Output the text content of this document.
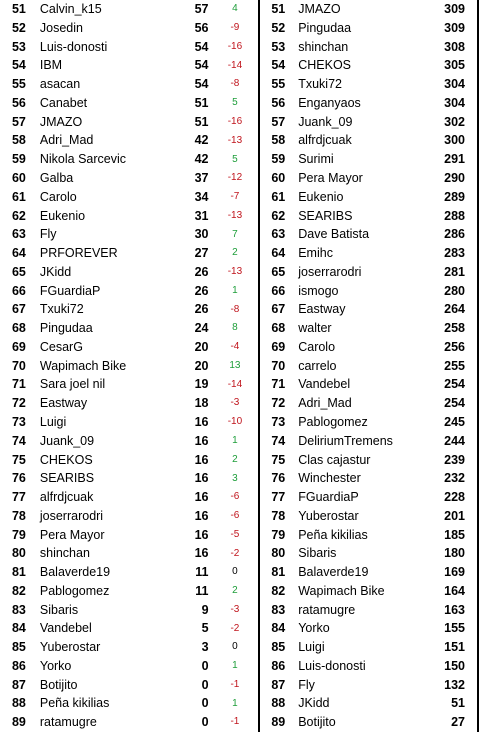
51	Calvin_k15	57	4	51	JMAZO	309
52	Josedin	56	-9	52	Pingudaa	309
53	Luis-donosti	54	-16	53	shinchan	308
54	IBM	54	-14	54	CHEKOS	305
55	asacan	54	-8	55	Txuki72	304
56	Canabet	51	5	56	Enganyaos	304
57	JMAZO	51	-16	57	Juank_09	302
58	Adri_Mad	42	-13	58	alfrdjcuak	300
59	Nikola Sarcevic	42	5	59	Surimi	291
60	Galba	37	-12	60	Pera Mayor	290
61	Carolo	34	-7	61	Eukenio	289
62	Eukenio	31	-13	62	SEARIBS	288
63	Fly	30	7	63	Dave Batista	286
64	PRFOREVER	27	2	64	Emihc	283
65	JKidd	26	-13	65	joserrarodri	281
66	FGuardiaP	26	1	66	ismogo	280
67	Txuki72	26	-8	67	Eastway	264
68	Pingudaa	24	8	68	walter	258
69	CesarG	20	-4	69	Carolo	256
70	Wapimach Bike	20	13	70	carrelo	255
71	Sara joel nil	19	-14	71	Vandebel	254
72	Eastway	18	-3	72	Adri_Mad	254
73	Luigi	16	-10	73	Pablogomez	245
74	Juank_09	16	1	74	DeliriumTremens	244
75	CHEKOS	16	2	75	Clas cajastur	239
76	SEARIBS	16	3	76	Winchester	232
77	alfrdjcuak	16	-6	77	FGuardiaP	228
78	joserrarodri	16	-6	78	Yuberostar	201
79	Pera Mayor	16	-5	79	Peña kikilias	185
80	shinchan	16	-2	80	Sibaris	180
81	Balaverde19	11	0	81	Balaverde19	169
82	Pablogomez	11	2	82	Wapimach Bike	164
83	Sibaris	9	-3	83	ratamugre	163
84	Vandebel	5	-2	84	Yorko	155
85	Yuberostar	3	0	85	Luigi	151
86	Yorko	0	1	86	Luis-donosti	150
87	Botijito	0	-1	87	Fly	132
88	Peña kikilias	0	1	88	JKidd	51
89	ratamugre	0	-1	89	Botijito	27
